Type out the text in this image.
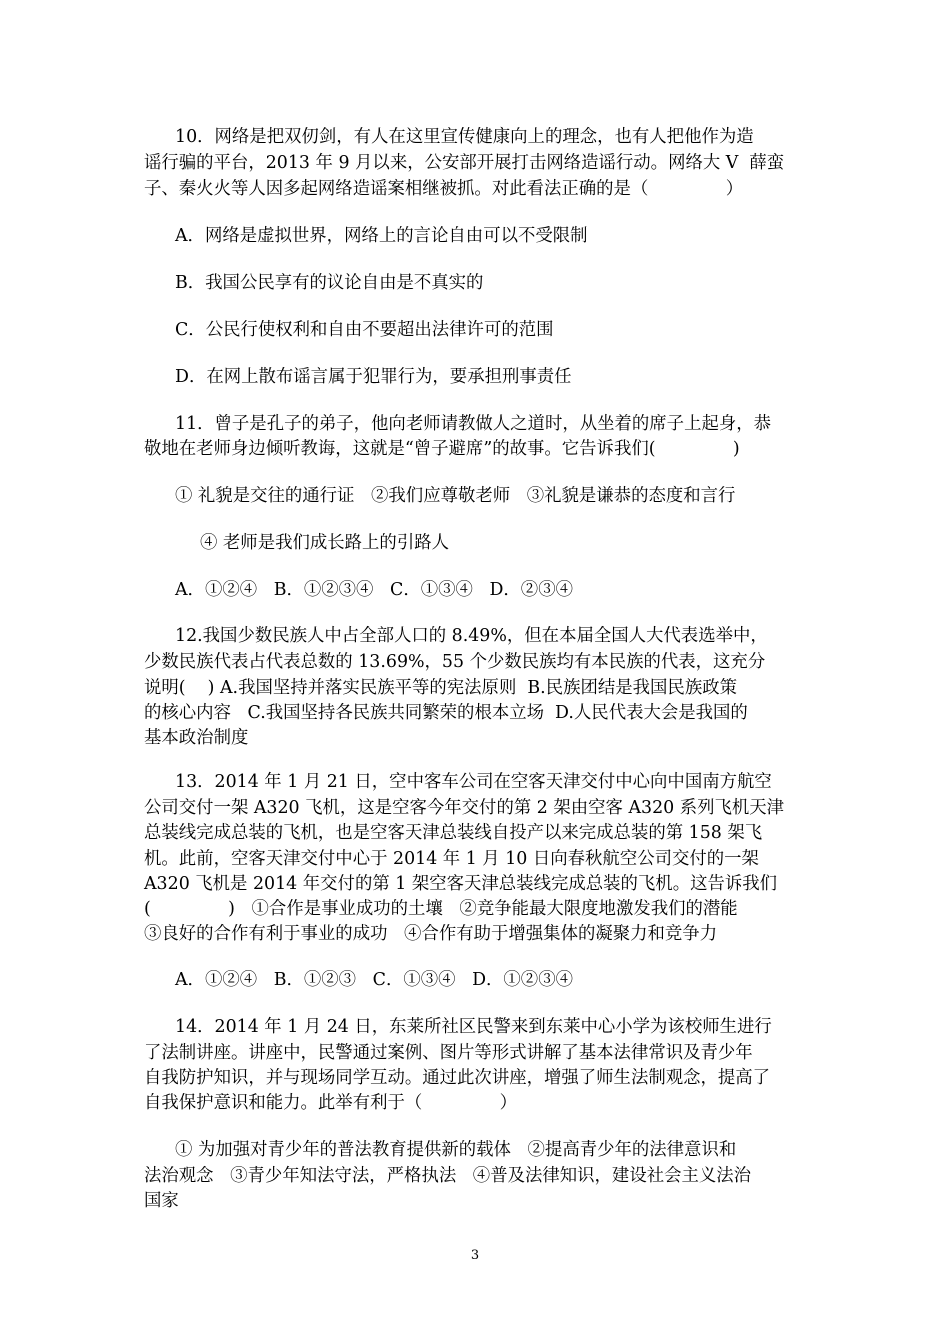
10．网络是把双仞剑，有人在这里宣传健康向上的理念，也有人把他作为造
谣行骗的平台，2013 年 9 月以来，公安部开展打击网络造谣行动。网络大 V  薛蛮
子、秦火火等人因多起网络造谣案相继被抓。对此看法正确的是（              ）
A．网络是虚拟世界，网络上的言论自由可以不受限制
B．我国公民享有的议论自由是不真实的
C．公民行使权利和自由不要超出法律许可的范围
D．在网上散布谣言属于犯罪行为，要承担刑事责任
11．曾子是孔子的弟子，他向老师请教做人之道时，从坐着的席子上起身，恭
敬地在老师身边倾听教诲，这就是“曾子避席”的故事。它告诉我们(              )
① 礼貌是交往的通行证   ②我们应尊敬老师   ③礼貌是谦恭的态度和言行
④ 老师是我们成长路上的引路人
A．①②④   B．①②③④   C．①③④   D．②③④
12.我国少数民族人中占全部人口的 8.49%，但在本届全国人大代表选举中，
少数民族代表占代表总数的 13.69%，55 个少数民族均有本民族的代表，这充分
说明(    ) A.我国坚持并落实民族平等的宪法原则  B.民族团结是我国民族政策
的核心内容   C.我国坚持各民族共同繁荣的根本立场  D.人民代表大会是我国的
基本政治制度
13．2014 年 1 月 21 日，空中客车公司在空客天津交付中心向中国南方航空
公司交付一架 A320 飞机，这是空客今年交付的第 2 架由空客 A320 系列飞机天津
总装线完成总装的飞机，也是空客天津总装线自投产以来完成总装的第 158 架飞
机。此前，空客天津交付中心于 2014 年 1 月 10 日向春秋航空公司交付的一架
A320 飞机是 2014 年交付的第 1 架空客天津总装线完成总装的飞机。这告诉我们
(              )   ①合作是事业成功的土壤   ②竞争能最大限度地激发我们的潜能
③良好的合作有利于事业的成功   ④合作有助于增强集体的凝聚力和竞争力
A．①②④   B．①②③   C．①③④   D．①②③④
14．2014 年 1 月 24 日，东莱所社区民警来到东莱中心小学为该校师生进行
了法制讲座。讲座中，民警通过案例、图片等形式讲解了基本法律常识及青少年
自我防护知识，并与现场同学互动。通过此次讲座，增强了师生法制观念，提高了
自我保护意识和能力。此举有利于（              ）
① 为加强对青少年的普法教育提供新的载体   ②提高青少年的法律意识和
法治观念   ③青少年知法守法，严格执法   ④普及法律知识，建设社会主义法治
国家
3
